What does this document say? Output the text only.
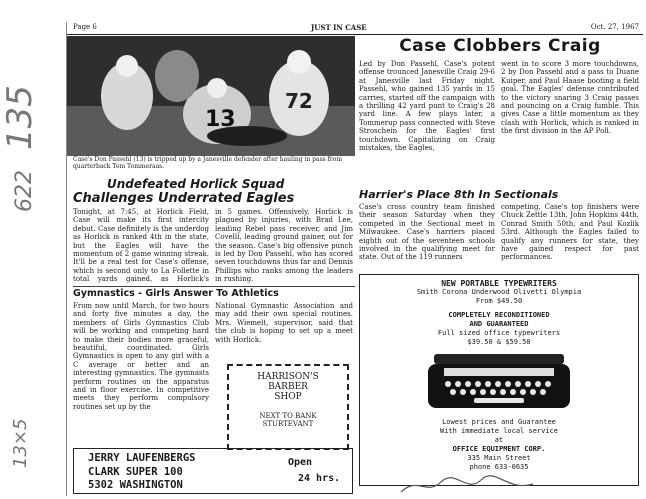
135
622
13×5
Page 6	JUST IN CASE	Oct. 27, 1967
13
72
Case's Don Passehl (13) is tripped up by a Janesville defender after hauling in pass from quarterback Tom Tommeraas.
Case Clobbers Craig
Led by Don Passehl, Case's potent offense trounced Janesville Craig 29-6 at Janesville last Friday night. Passehl, who gained 135 yards in 15 carries, started off the campaign with a thrilling 42 yard punt to Craig's 28 yard line. A few plays later, a Tommerup pass connected with Steve Stroschein for the Eagles' first touchdown. Capitalizing on Craig mistakes, the Eagles,
went in to score 3 more touchdowns, 2 by Don Passehl and a pass to Duane Kuiper, and Paul Haase booting a field goal. The Eagles' defense contributed to the victory snaring 3 Craig passes and pouncing on a Craig fumble. This gives Case a little momentum as they clash with Horlick, which is ranked in the first division in the AP Poll.
Undefeated Horlick Squad
Challenges Underrated Eagles
Tonight, at 7:45, at Horlick Field, Case will make its first intercity debut. Case definitely is the underdog as Horlick is ranked 4th in the state, but the Eagles will have the momentum of 2 game winning streak. It'll be a real test for Case's offense, which is second only to La Follette in total yards gained, as Horlick's
in 5 games. Offensively, Horlick is plagued by injuries, with Brad Lee, leading Rebel pass receiver, and Jim Covelli, leading ground gainer, out for the season. Case's big offensive punch is led by Don Passehl, who has scored seven touchdowns thus far and Dennis Phillips who ranks among the leaders in rushing.
Harrier's Place 8th In Sectionals
Case's cross country team finished their season Saturday when they competed in the Sectional meet in Milwaukee. Case's harriers placed eighth out of the seventeen schools involved in the qualifying meet for state. Out of the 119 runners
competing, Case's top finishers were Chuck Zettle 13th, John Hopkins 44th, Conrad Smith 50th, and Paul Kozlik 53rd. Although the Eagles failed to qualify any runners for state, they have gained respect for past performances.
Gymnastics - Girls Answer To Athletics
From now until March, for two hours and forty five minutes a day, the members of Girls Gymnastics Club will be working and competing hard to make their bodies more graceful, beautiful, coordinated. Girls Gymnastics is open to any girl with a C average or better and an interesting gymnastics. The gymnasts perform routines on the apparatus and in floor exercise. In competitive meets they perform compulsory routines set up by the
National Gymnastic Association and may add their own special routines. Mrs. Wiemelt, supervisor, said that the club is hoping to set up a meet with Horlick.
HARRISON'S
BARBER
SHOP
NEXT TO BANK
STURTEVANT
JERRY LAUFENBERGS
CLARK SUPER 100
5302 WASHINGTON
Open
24 hrs.
NEW PORTABLE TYPEWRITERS
Smith Corona Underwood Olivetti Olympia
From $49.50
COMPLETELY RECONDITIONED
AND GUARANTEED
Full sized office typewriters
$39.50 & $59.50
Lowest prices and Guarantee
With immediate local service
at
OFFICE EQUIPMENT CORP.
335 Main Street
phone 633-0635
